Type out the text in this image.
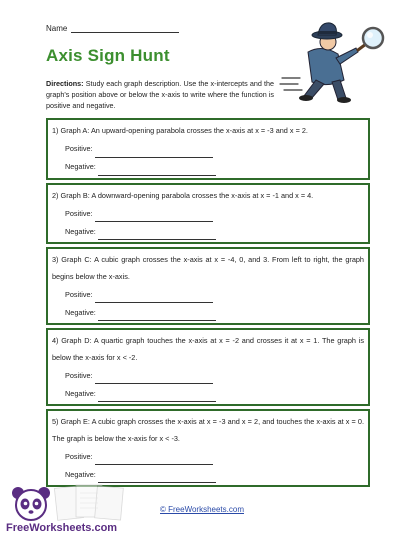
Name
Axis Sign Hunt
Directions: Study each graph description. Use the x-intercepts and the graph's position above or below the x-axis to write where the function is positive and negative.
1) Graph A: An upward-opening parabola crosses the x-axis at x = -3 and x = 2.
Positive:
Negative:
2) Graph B: A downward-opening parabola crosses the x-axis at x = -1 and x = 4.
Positive:
Negative:
3) Graph C: A cubic graph crosses the x-axis at x = -4, 0, and 3. From left to right, the graph begins below the x-axis.
Positive:
Negative:
4) Graph D: A quartic graph touches the x-axis at x = -2 and crosses it at x = 1. The graph is below the x-axis for x < -2.
Positive:
Negative:
5) Graph E: A cubic graph crosses the x-axis at x = -3 and x = 2, and touches the x-axis at x = 0. The graph is below the x-axis for x < -3.
Positive:
Negative:
FreeWorksheets.com
© FreeWorksheets.com
